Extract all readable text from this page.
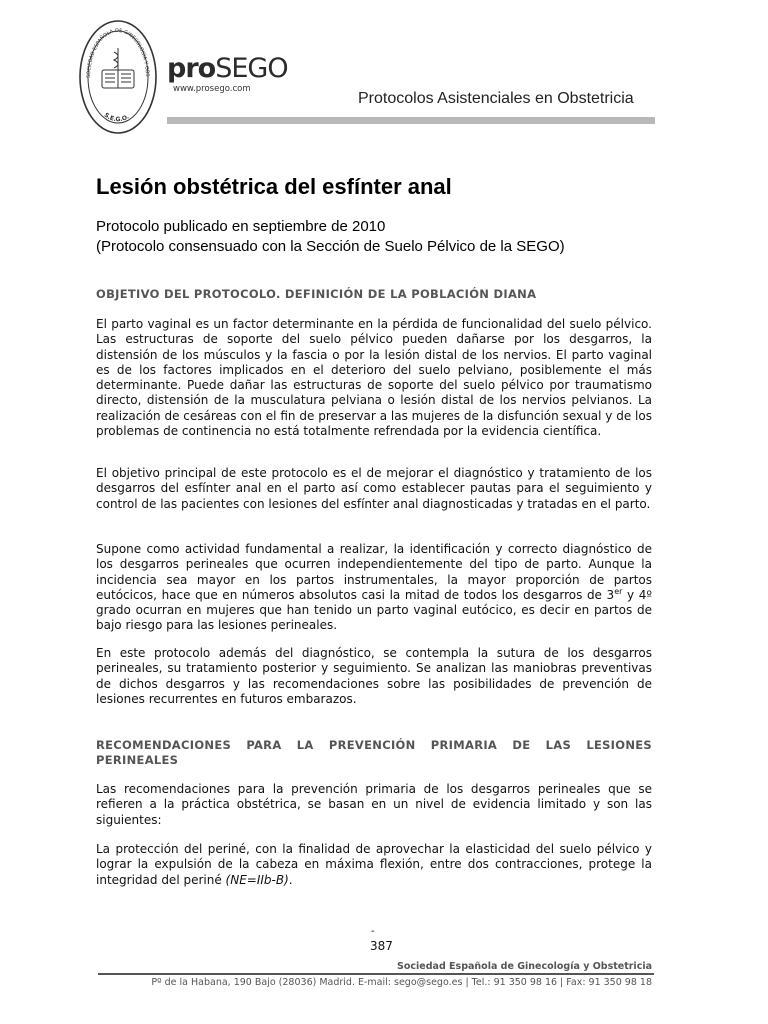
SOCIEDAD ESPAÑOLA DE GINECOLOGÍA Y OBS
S.E.G.O.
proSEGO
www.prosego.com
Protocolos Asistenciales en Obstetricia
Lesión obstétrica del esfínter anal
Protocolo publicado en septiembre de 2010
(Protocolo consensuado con la Sección de Suelo Pélvico de la SEGO)
OBJETIVO DEL PROTOCOLO. DEFINICIÓN DE LA POBLACIÓN DIANA
El parto vaginal es un factor determinante en la pérdida de funcionalidad del suelo pélvico. Las estructuras de soporte del suelo pélvico pueden dañarse por los desgarros, la distensión de los músculos y la fascia o por la lesión distal de los nervios. El parto vaginal es de los factores implicados en el deterioro del suelo pelviano, posiblemente el más determinante. Puede dañar las estructuras de soporte del suelo pélvico por traumatismo directo, distensión de la musculatura pelviana o lesión distal de los nervios pelvianos. La realización de cesáreas con el fin de preservar a las mujeres de la disfunción sexual y de los problemas de continencia no está totalmente refrendada por la evidencia científica.
El objetivo principal de este protocolo es el de mejorar el diagnóstico y tratamiento de los desgarros del esfínter anal en el parto así como establecer pautas para el seguimiento y control de las pacientes con lesiones del esfínter anal diagnosticadas y tratadas en el parto.
Supone como actividad fundamental a realizar, la identificación y correcto diagnóstico de los desgarros perineales que ocurren independientemente del tipo de parto. Aunque la incidencia sea mayor en los partos instrumentales, la mayor proporción de partos eutócicos, hace que en números absolutos casi la mitad de todos los desgarros de 3er y 4º grado ocurran en mujeres que han tenido un parto vaginal eutócico, es decir en partos de bajo riesgo para las lesiones perineales.
En este protocolo además del diagnóstico, se contempla la sutura de los desgarros perineales, su tratamiento posterior y seguimiento. Se analizan las maniobras preventivas de dichos desgarros y las recomendaciones sobre las posibilidades de prevención de lesiones recurrentes en futuros embarazos.
RECOMENDACIONES PARA LA PREVENCIÓN PRIMARIA DE LAS LESIONES PERINEALES
Las recomendaciones para la prevención primaria de los desgarros perineales que se refieren a la práctica obstétrica, se basan en un nivel de evidencia limitado y son las siguientes:
La protección del periné, con la finalidad de aprovechar la elasticidad del suelo pélvico y lograr la expulsión de la cabeza en máxima flexión, entre dos contracciones, protege la integridad del periné (NE=IIb-B).
-
387
Sociedad Española de Ginecología y Obstetricia
Pº de la Habana, 190 Bajo (28036) Madrid. E-mail: sego@sego.es | Tel.: 91 350 98 16 | Fax: 91 350 98 18
